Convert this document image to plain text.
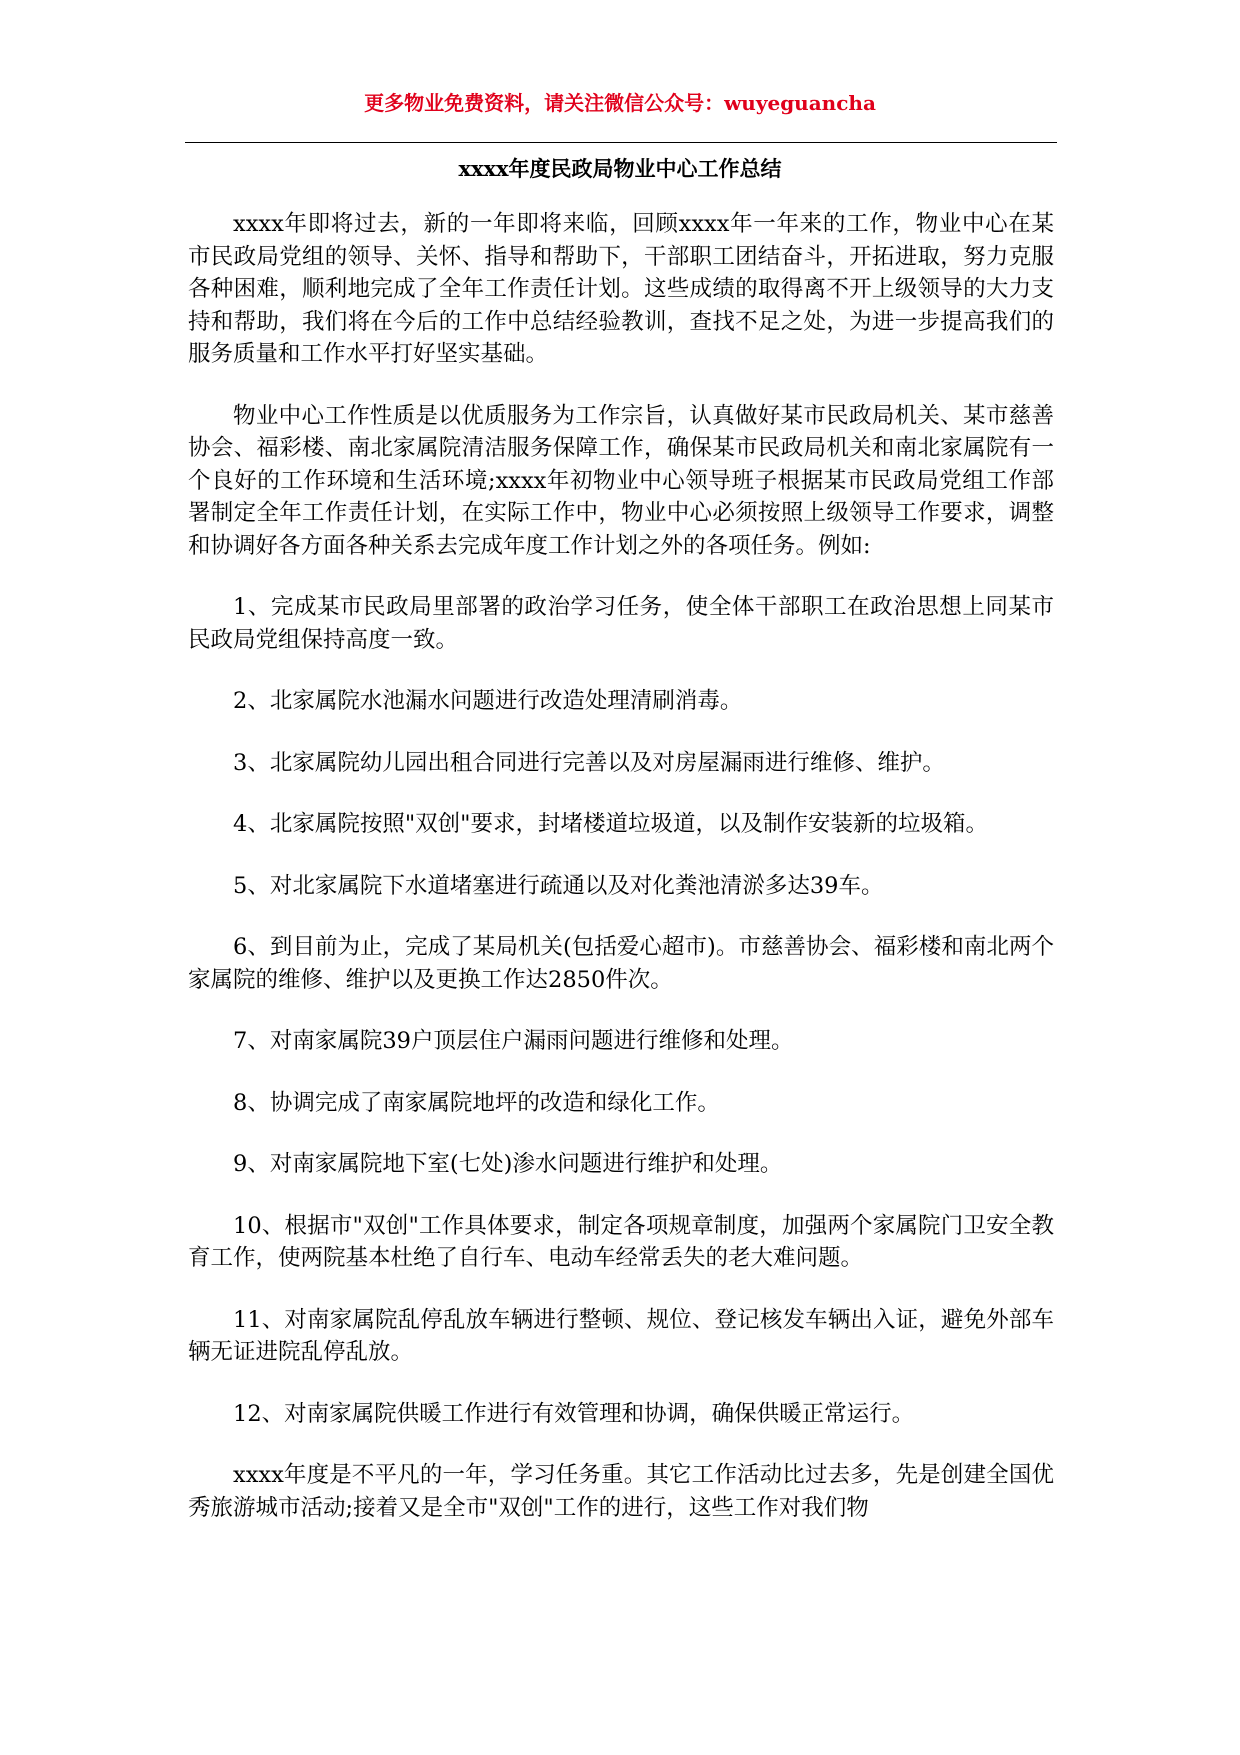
更多物业免费资料，请关注微信公众号：wuyeguancha
xxxx年度民政局物业中心工作总结

xxxx年即将过去，新的一年即将来临，回顾xxxx年一年来的工作，物业中心在某市民政局党组的领导、关怀、指导和帮助下，干部职工团结奋斗，开拓进取，努力克服各种困难，顺利地完成了全年工作责任计划。这些成绩的取得离不开上级领导的大力支持和帮助，我们将在今后的工作中总结经验教训，查找不足之处，为进一步提高我们的服务质量和工作水平打好坚实基础。

物业中心工作性质是以优质服务为工作宗旨，认真做好某市民政局机关、某市慈善协会、福彩楼、南北家属院清洁服务保障工作，确保某市民政局机关和南北家属院有一个良好的工作环境和生活环境;xxxx年初物业中心领导班子根据某市民政局党组工作部署制定全年工作责任计划，在实际工作中，物业中心必须按照上级领导工作要求，调整和协调好各方面各种关系去完成年度工作计划之外的各项任务。例如:

1、完成某市民政局里部署的政治学习任务，使全体干部职工在政治思想上同某市民政局党组保持高度一致。

2、北家属院水池漏水问题进行改造处理清刷消毒。

3、北家属院幼儿园出租合同进行完善以及对房屋漏雨进行维修、维护。

4、北家属院按照"双创"要求，封堵楼道垃圾道，以及制作安装新的垃圾箱。

5、对北家属院下水道堵塞进行疏通以及对化粪池清淤多达39车。

6、到目前为止，完成了某局机关(包括爱心超市)。市慈善协会、福彩楼和南北两个家属院的维修、维护以及更换工作达2850件次。

7、对南家属院39户顶层住户漏雨问题进行维修和处理。

8、协调完成了南家属院地坪的改造和绿化工作。

9、对南家属院地下室(七处)渗水问题进行维护和处理。

10、根据市"双创"工作具体要求，制定各项规章制度，加强两个家属院门卫安全教育工作，使两院基本杜绝了自行车、电动车经常丢失的老大难问题。

11、对南家属院乱停乱放车辆进行整顿、规位、登记核发车辆出入证，避免外部车辆无证进院乱停乱放。

12、对南家属院供暖工作进行有效管理和协调，确保供暖正常运行。

xxxx年度是不平凡的一年，学习任务重。其它工作活动比过去多，先是创建全国优秀旅游城市活动;接着又是全市"双创"工作的进行，这些工作对我们物
